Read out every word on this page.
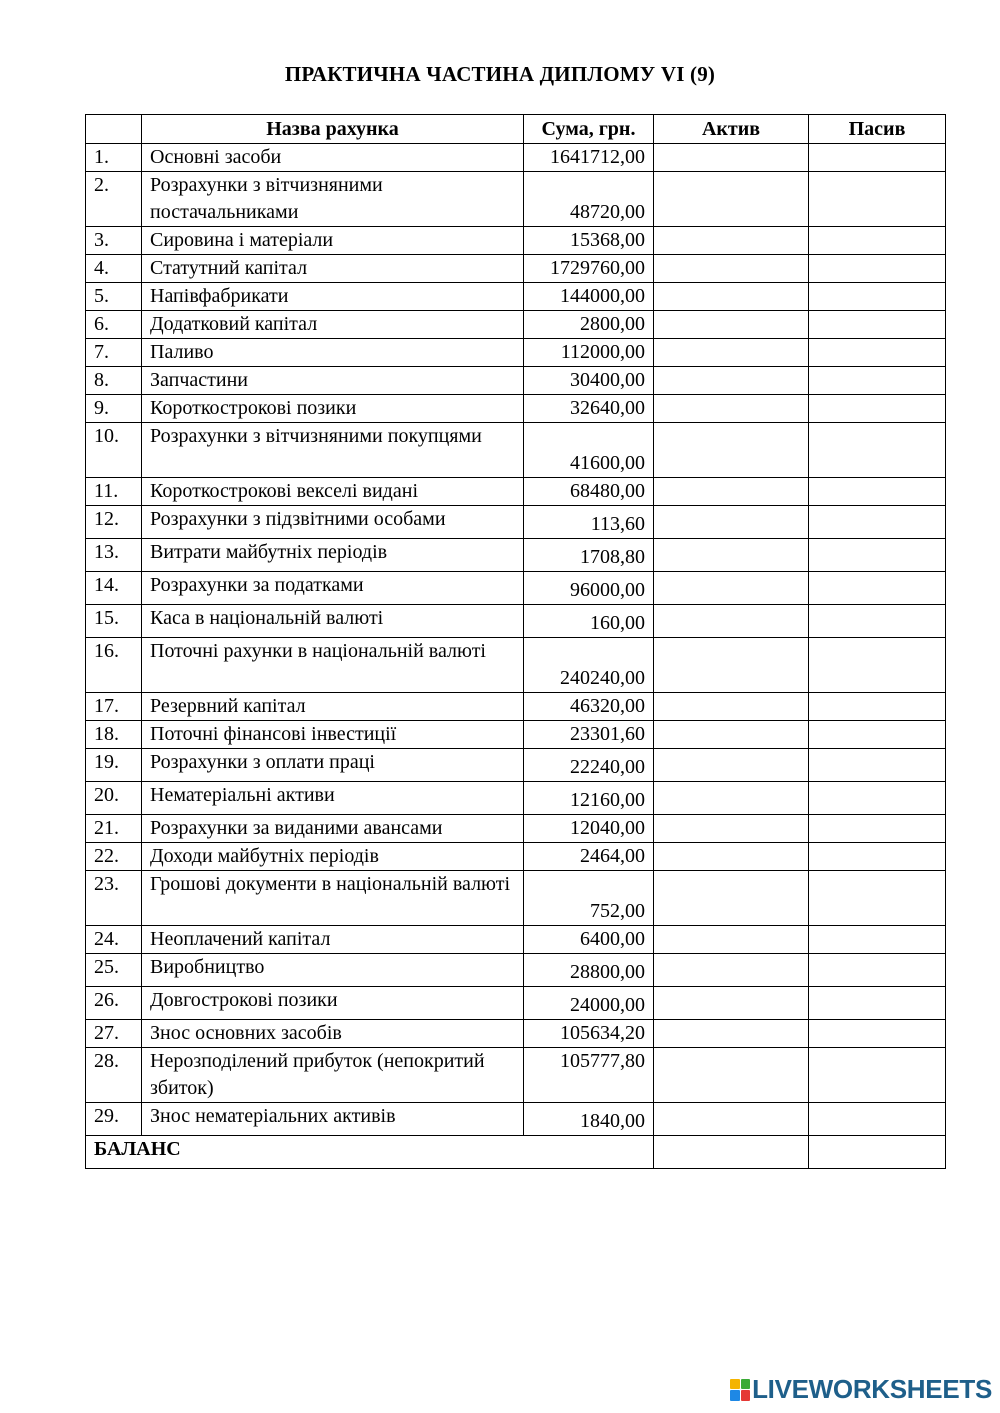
ПРАКТИЧНА ЧАСТИНА ДИПЛОМУ VI (9)
	Назва рахунка	Сума, грн.	Актив	Пасив
1.	Основні засоби	1641712,00		
2.	Розрахунки з вітчизняними постачальниками	48720,00		
3.	Сировина і матеріали	15368,00		
4.	Статутний капітал	1729760,00		
5.	Напівфабрикати	144000,00		
6.	Додатковий капітал	2800,00		
7.	Паливо	112000,00		
8.	Запчастини	30400,00		
9.	Короткострокові позики	32640,00		
10.	Розрахунки з вітчизняними покупцями	41600,00		
11.	Короткострокові векселі видані	68480,00		
12.	Розрахунки з підзвітними особами	113,60		
13.	Витрати майбутніх періодів	1708,80		
14.	Розрахунки за податками	96000,00		
15.	Каса в національній валюті	160,00		
16.	Поточні рахунки в національній валюті	240240,00		
17.	Резервний капітал	46320,00		
18.	Поточні фінансові інвестиції	23301,60		
19.	Розрахунки з оплати праці	22240,00		
20.	Нематеріальні активи	12160,00		
21.	Розрахунки за виданими авансами	12040,00		
22.	Доходи майбутніх періодів	2464,00		
23.	Грошові документи в національній валюті	752,00		
24.	Неоплачений капітал	6400,00		
25.	Виробництво	28800,00		
26.	Довгострокові позики	24000,00		
27.	Знос основних засобів	105634,20		
28.	Нерозподілений прибуток (непокритий збиток)	105777,80		
29.	Знос нематеріальних активів	1840,00		
БАЛАНС				
LIVEWORKSHEETS
